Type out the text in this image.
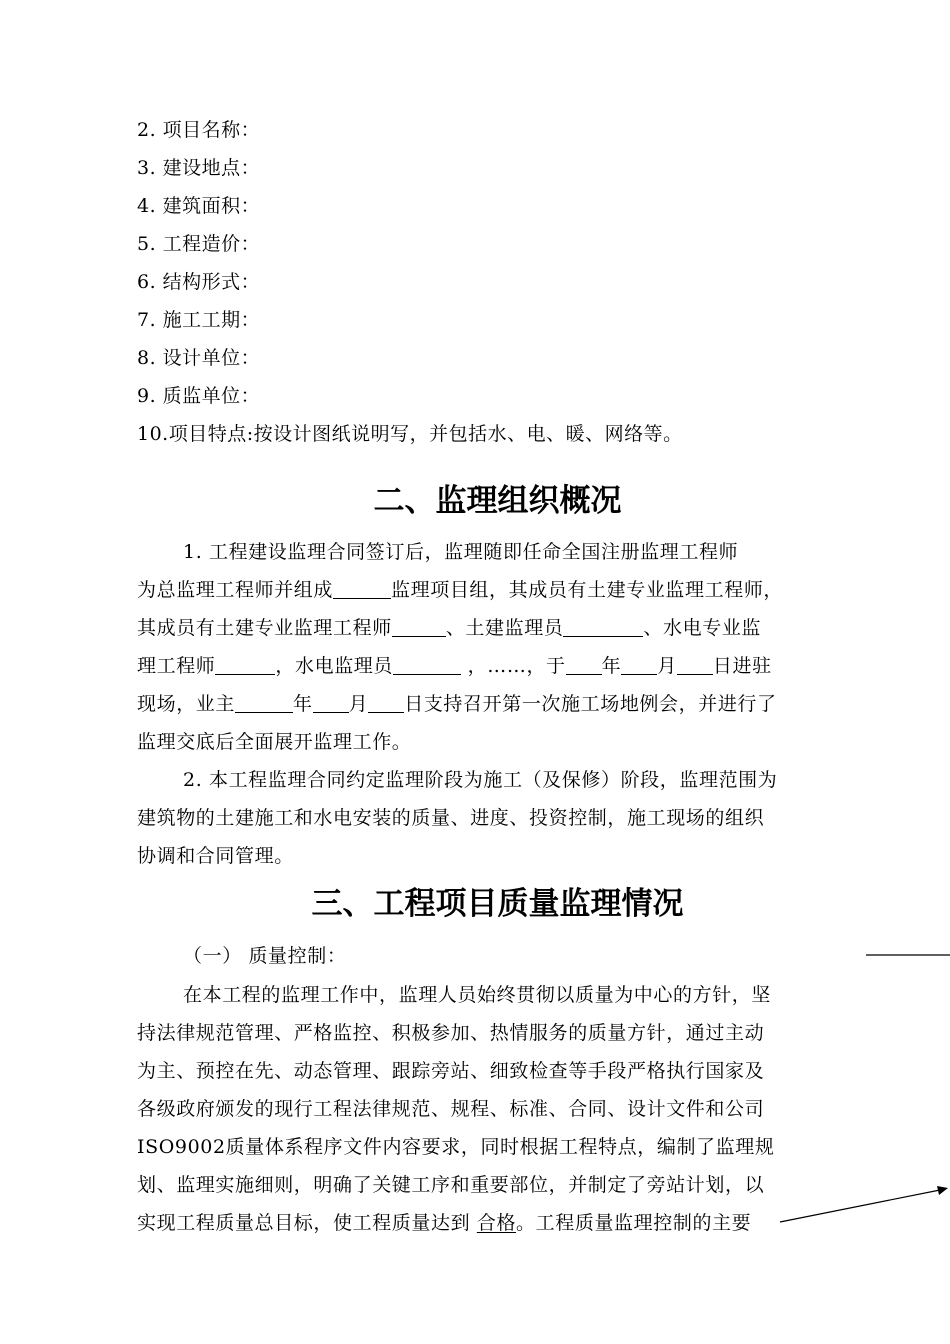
2. 项目名称：
3. 建设地点：
4. 建筑面积：
5. 工程造价：
6. 结构形式：
7. 施工工期：
8. 设计单位：
9. 质监单位：
10.项目特点:按设计图纸说明写，并包括水、电、暖、网络等。
二、监理组织概况
1. 工程建设监理合同签订后，监理随即任命全国注册监理工程师
为总监理工程师并组成	监理项目组，其成员有土建专业监理工程师，
其成员有土建专业监理工程师	、土建监理员	、水电专业监
理工程师	，水电监理员	，……，于 年 月 日进驻
现场，业主	年 月 日支持召开第一次施工场地例会，并进行了
监理交底后全面展开监理工作。
2. 本工程监理合同约定监理阶段为施工（及保修）阶段，监理范围为
建筑物的土建施工和水电安装的质量、进度、投资控制，施工现场的组织
协调和合同管理。
三、工程项目质量监理情况
（一） 质量控制：
在本工程的监理工作中，监理人员始终贯彻以质量为中心的方针，坚
持法律规范管理、严格监控、积极参加、热情服务的质量方针，通过主动
为主、预控在先、动态管理、跟踪旁站、细致检查等手段严格执行国家及
各级政府颁发的现行工程法律规范、规程、标准、合同、设计文件和公司
ISO9002质量体系程序文件内容要求，同时根据工程特点，编制了监理规
划、监理实施细则，明确了关键工序和重要部位，并制定了旁站计划，以
实现工程质量总目标，使工程质量达到 合格。工程质量监理控制的主要
